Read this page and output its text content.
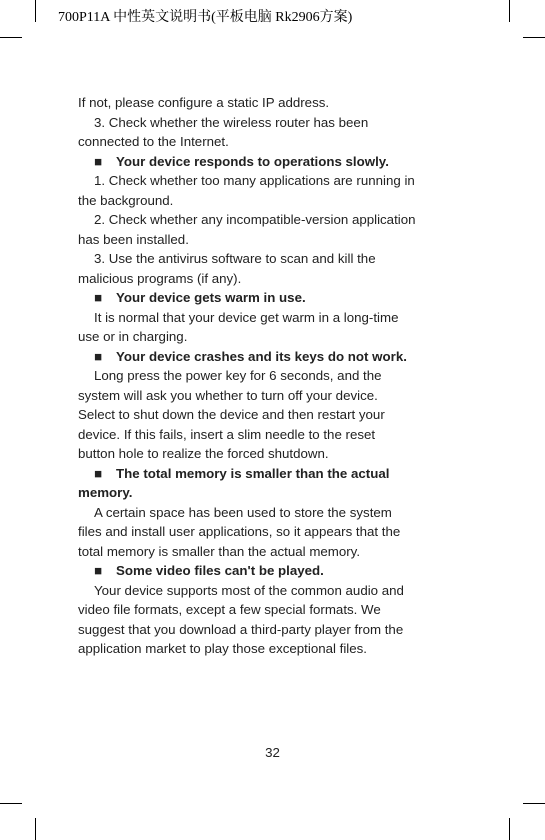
700P11A 中性英文说明书(平板电脑 Rk2906方案)
If not, please configure a static IP address.
3. Check whether the wireless router has been
connected to the Internet.
■ Your device responds to operations slowly.
1. Check whether too many applications are running in
the background.
2. Check whether any incompatible-version application
has been installed.
3. Use the antivirus software to scan and kill the
malicious programs (if any).
■ Your device gets warm in use.
It is normal that your device get warm in a long-time
use or in charging.
■ Your device crashes and its keys do not work.
Long press the power key for 6 seconds, and the
system will ask you whether to turn off your device.
Select to shut down the device and then restart your
device. If this fails, insert a slim needle to the reset
button hole to realize the forced shutdown.
■ The total memory is smaller than the actual
memory.
A certain space has been used to store the system
files and install user applications, so it appears that the
total memory is smaller than the actual memory.
■ Some video files can't be played.
Your device supports most of the common audio and
video file formats, except a few special formats. We
suggest that you download a third-party player from the
application market to play those exceptional files.
32
